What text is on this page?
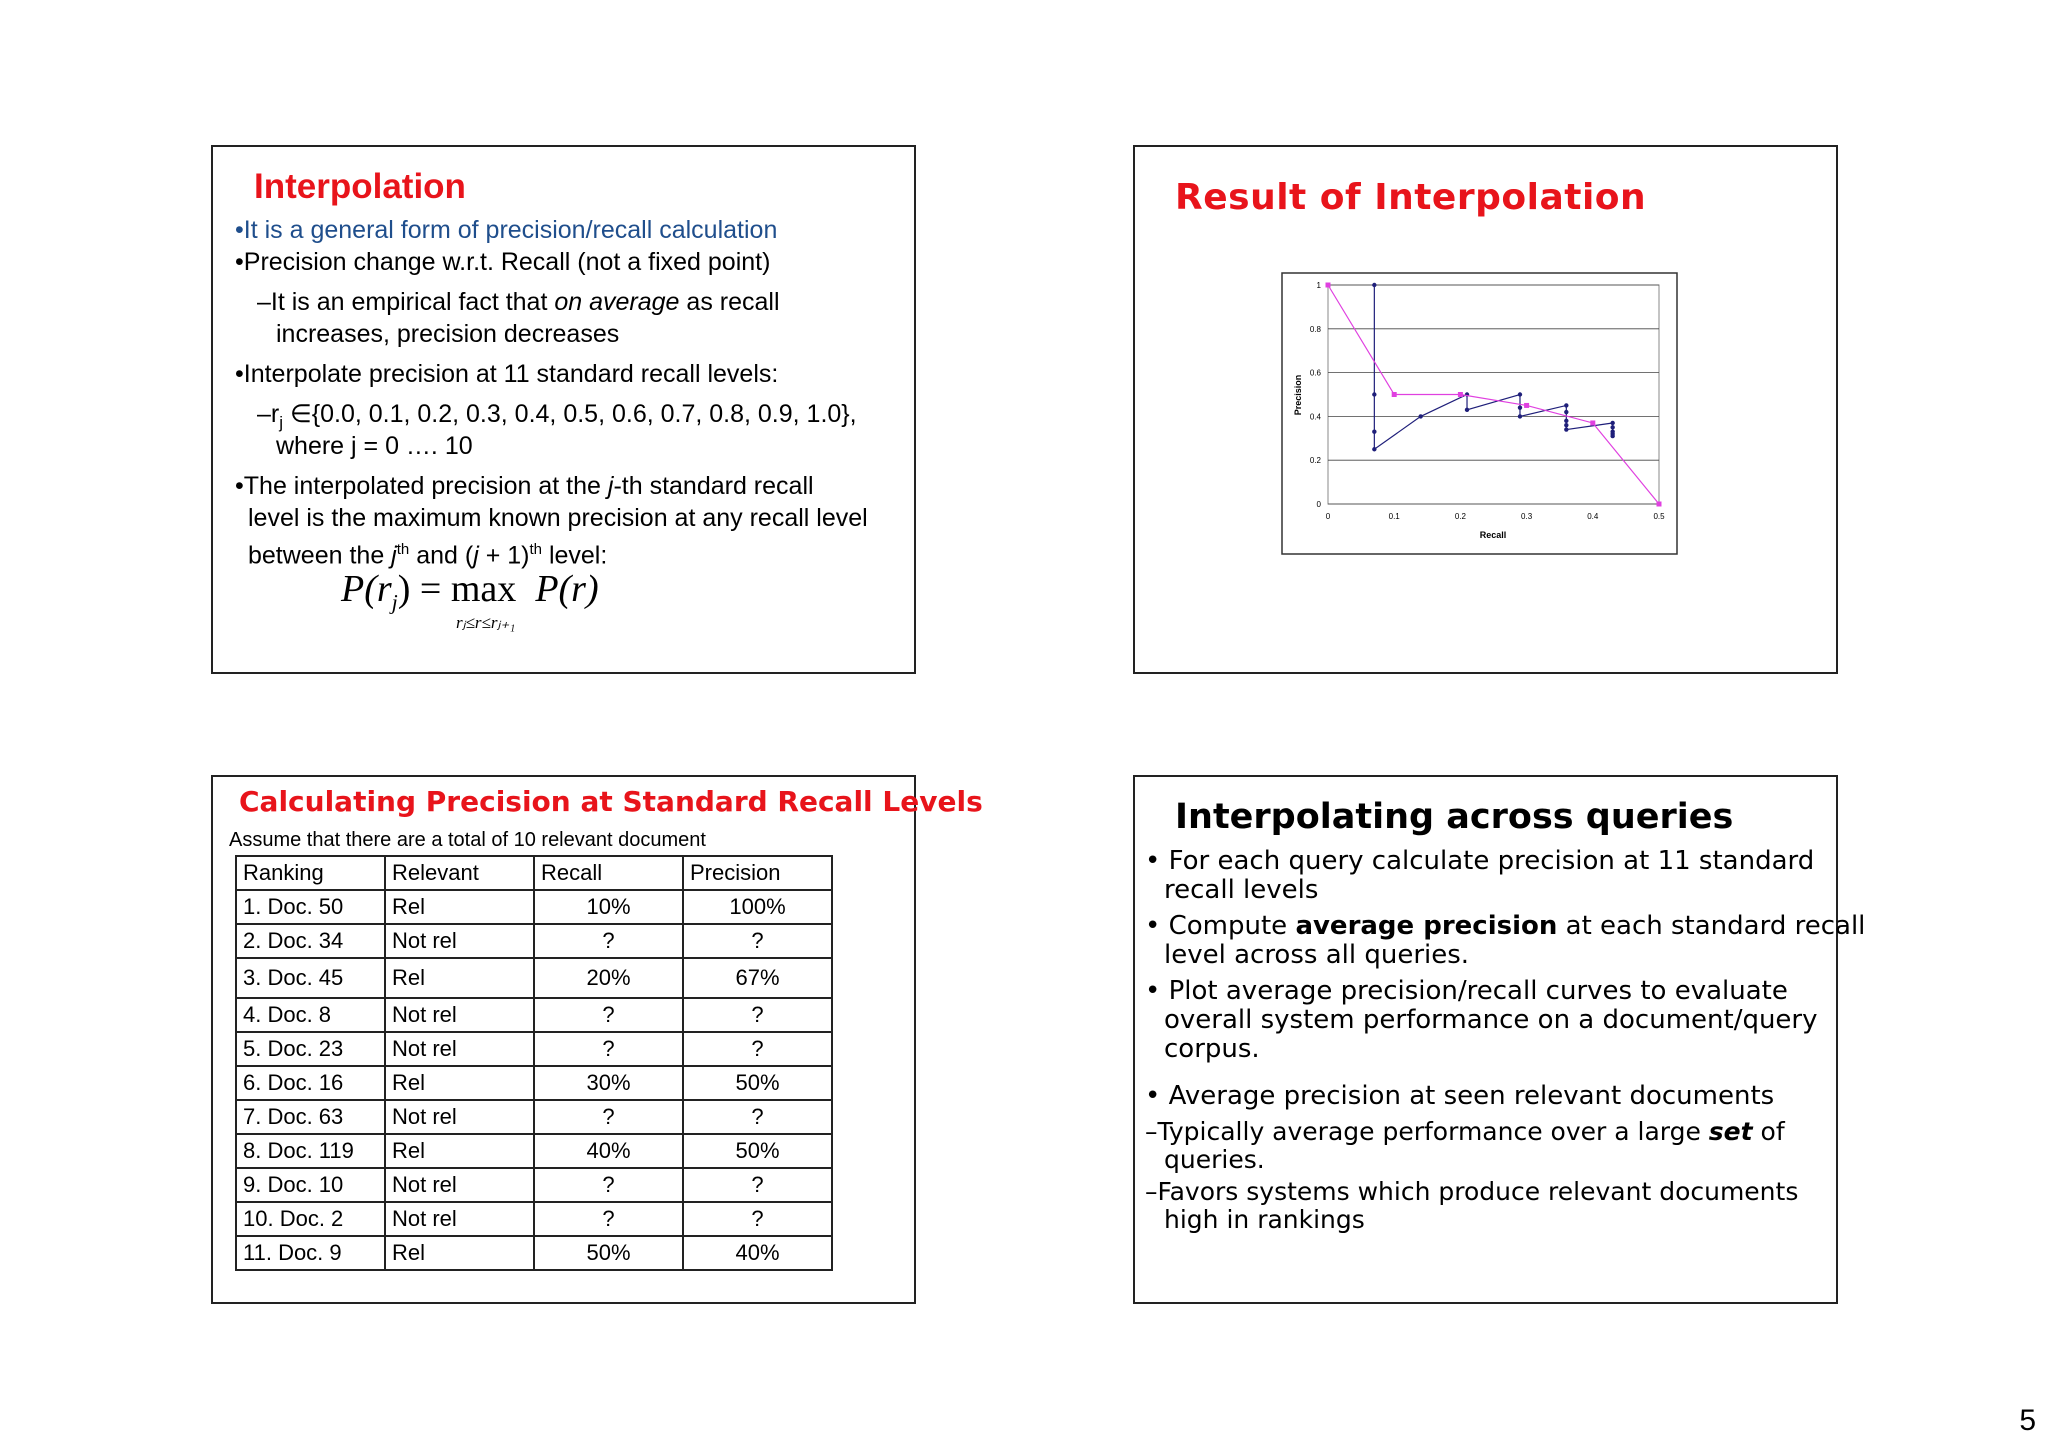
Interpolation
•It is a general form of precision/recall calculation
•Precision change w.r.t. Recall (not a fixed point)
–It is an empirical fact that on average as recall
increases, precision decreases
•Interpolate precision at 11 standard recall levels:
$-r_j$ ∈{0.0, 0.1, 0.2, 0.3, 0.4, 0.5, 0.6, 0.7, 0.8, 0.9, 1.0},
where j = 0 …. 10
•The interpolated precision at the j-th standard recall
level is the maximum known precision at any recall level
between the $j^{th}$ and $(j + 1)^{th}$ level:
$P(r_j) = \max P(r)$
rⱼ≤r≤rⱼ₊₁
Result of Interpolation
0
0.2
0.4
0.6
0.8
1
0	0.1	0.2	0.3	0.4	0.5
Recall
Precision
Calculating Precision at Standard Recall Levels
Assume that there are a total of 10 relevant document
Ranking	Relevant	Recall	Precision
1. Doc. 50	Rel	10%	100%
2. Doc. 34	Not rel	?	?
3. Doc. 45	Rel	20%	67%
4. Doc. 8	Not rel	?	?
5. Doc. 23	Not rel	?	?
6. Doc. 16	Rel	30%	50%
7. Doc. 63	Not rel	?	?
8. Doc. 119	Rel	40%	50%
9. Doc. 10	Not rel	?	?
10. Doc. 2	Not rel	?	?
11. Doc. 9	Rel	50%	40%
Interpolating across queries
• For each query calculate precision at 11 standard
recall levels
• Compute average precision at each standard recall
level across all queries.
• Plot average precision/recall curves to evaluate
overall system performance on a document/query
corpus.
• Average precision at seen relevant documents
–Typically average performance over a large set of
queries.
–Favors systems which produce relevant documents
high in rankings
5
